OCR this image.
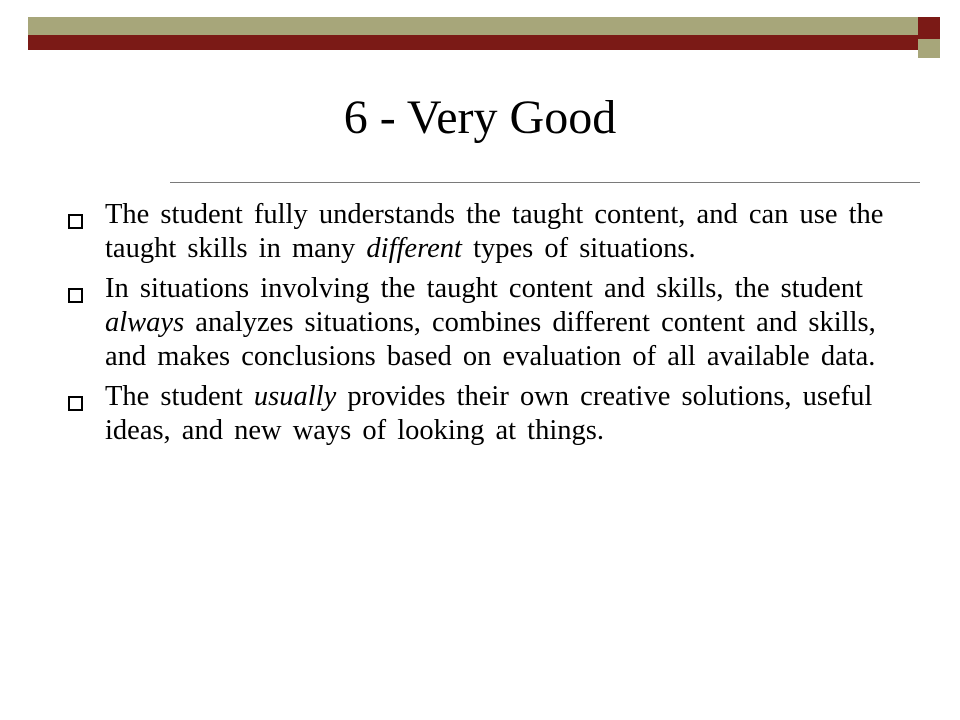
6 - Very Good
The student fully understands the taught content, and can use the taught skills in many different types of situations.
In situations involving the taught content and skills, the student always analyzes situations, combines different content and skills, and makes conclusions based on evaluation of all available data.
The student usually provides their own creative solutions, useful ideas, and new ways of looking at things.
